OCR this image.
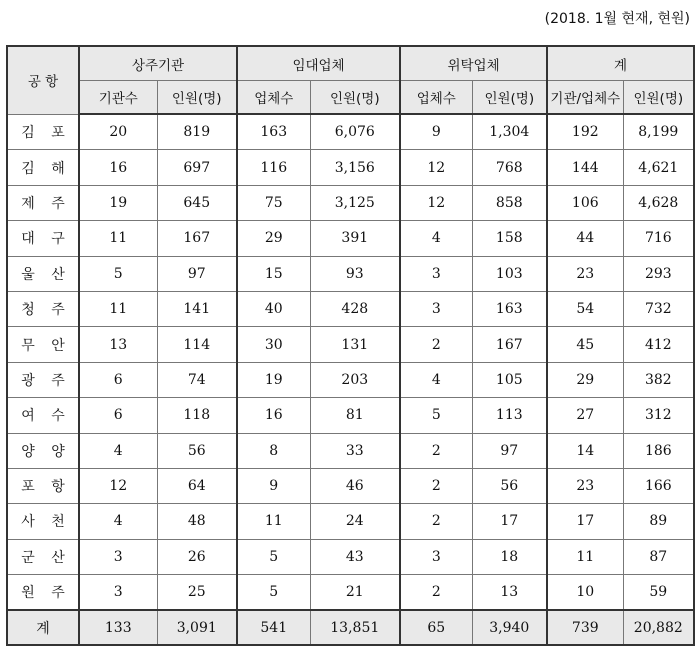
(2018. 1월 현재, 현원)
공 항	상주기관		임대업체		위탁업체		계	
	기관수	인원(명)	업체수	인원(명)	업체수	인원(명)	기관/업체수	인원(명)
김 포	20	819	163	6,076	9	1,304	192	8,199
김 해	16	697	116	3,156	12	768	144	4,621
제 주	19	645	75	3,125	12	858	106	4,628
대 구	11	167	29	391	4	158	44	716
울 산	5	97	15	93	3	103	23	293
청 주	11	141	40	428	3	163	54	732
무 안	13	114	30	131	2	167	45	412
광 주	6	74	19	203	4	105	29	382
여 수	6	118	16	81	5	113	27	312
양 양	4	56	8	33	2	97	14	186
포 항	12	64	9	46	2	56	23	166
사 천	4	48	11	24	2	17	17	89
군 산	3	26	5	43	3	18	11	87
원 주	3	25	5	21	2	13	10	59
계	133	3,091	541	13,851	65	3,940	739	20,882
